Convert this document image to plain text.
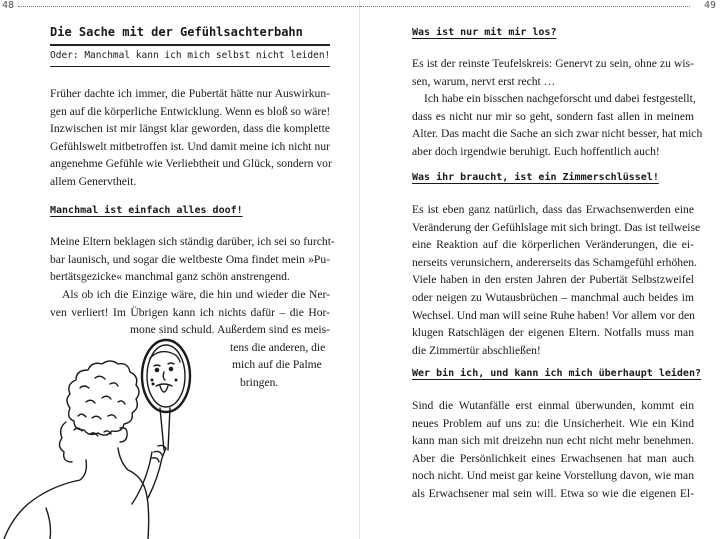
48
Die Sache mit der Gefühlsachterbahn
Oder: Manchmal kann ich mich selbst nicht leiden!
Früher dachte ich immer, die Pubertät hätte nur Auswirkun-
gen auf die körperliche Entwicklung. Wenn es bloß so wäre!
Inzwischen ist mir längst klar geworden, dass die komplette
Gefühlswelt mitbetroffen ist. Und damit meine ich nicht nur
angenehme Gefühle wie Verliebtheit und Glück, sondern vor
allem Genervtheit.
Manchmal ist einfach alles doof!
Meine Eltern beklagen sich ständig darüber, ich sei so furcht-
bar launisch, und sogar die weltbeste Oma findet mein »Pu-
bertätsgezicke« manchmal ganz schön anstrengend.
Als ob ich die Einzige wäre, die hin und wieder die Ner-
ven verliert! Im Übrigen kann ich nichts dafür – die Hor-
mone sind schuld. Außerdem sind es meis-
tens die anderen, die
mich auf die Palme
bringen.
49
Was ist nur mit mir los?
Es ist der reinste Teufelskreis: Genervt zu sein, ohne zu wis-
sen, warum, nervt erst recht …
Ich habe ein bisschen nachgeforscht und dabei festgestellt,
dass es nicht nur mir so geht, sondern fast allen in meinem
Alter. Das macht die Sache an sich zwar nicht besser, hat mich
aber doch irgendwie beruhigt. Euch hoffentlich auch!
Was ihr braucht, ist ein Zimmerschlüssel!
Es ist eben ganz natürlich, dass das Erwachsenwerden eine
Veränderung der Gefühlslage mit sich bringt. Das ist teilweise
eine Reaktion auf die körperlichen Veränderungen, die ei-
nerseits verunsichern, andererseits das Schamgefühl erhöhen.
Viele haben in den ersten Jahren der Pubertät Selbstzweifel
oder neigen zu Wutausbrüchen – manchmal auch beides im
Wechsel. Und man will seine Ruhe haben! Vor allem vor den
klugen Ratschlägen der eigenen Eltern. Notfalls muss man
die Zimmertür abschließen!
Wer bin ich, und kann ich mich überhaupt leiden?
Sind die Wutanfälle erst einmal überwunden, kommt ein
neues Problem auf uns zu: die Unsicherheit. Wie ein Kind
kann man sich mit dreizehn nun echt nicht mehr benehmen.
Aber die Persönlichkeit eines Erwachsenen hat man auch
noch nicht. Und meist gar keine Vorstellung davon, wie man
als Erwachsener mal sein will. Etwa so wie die eigenen El-
